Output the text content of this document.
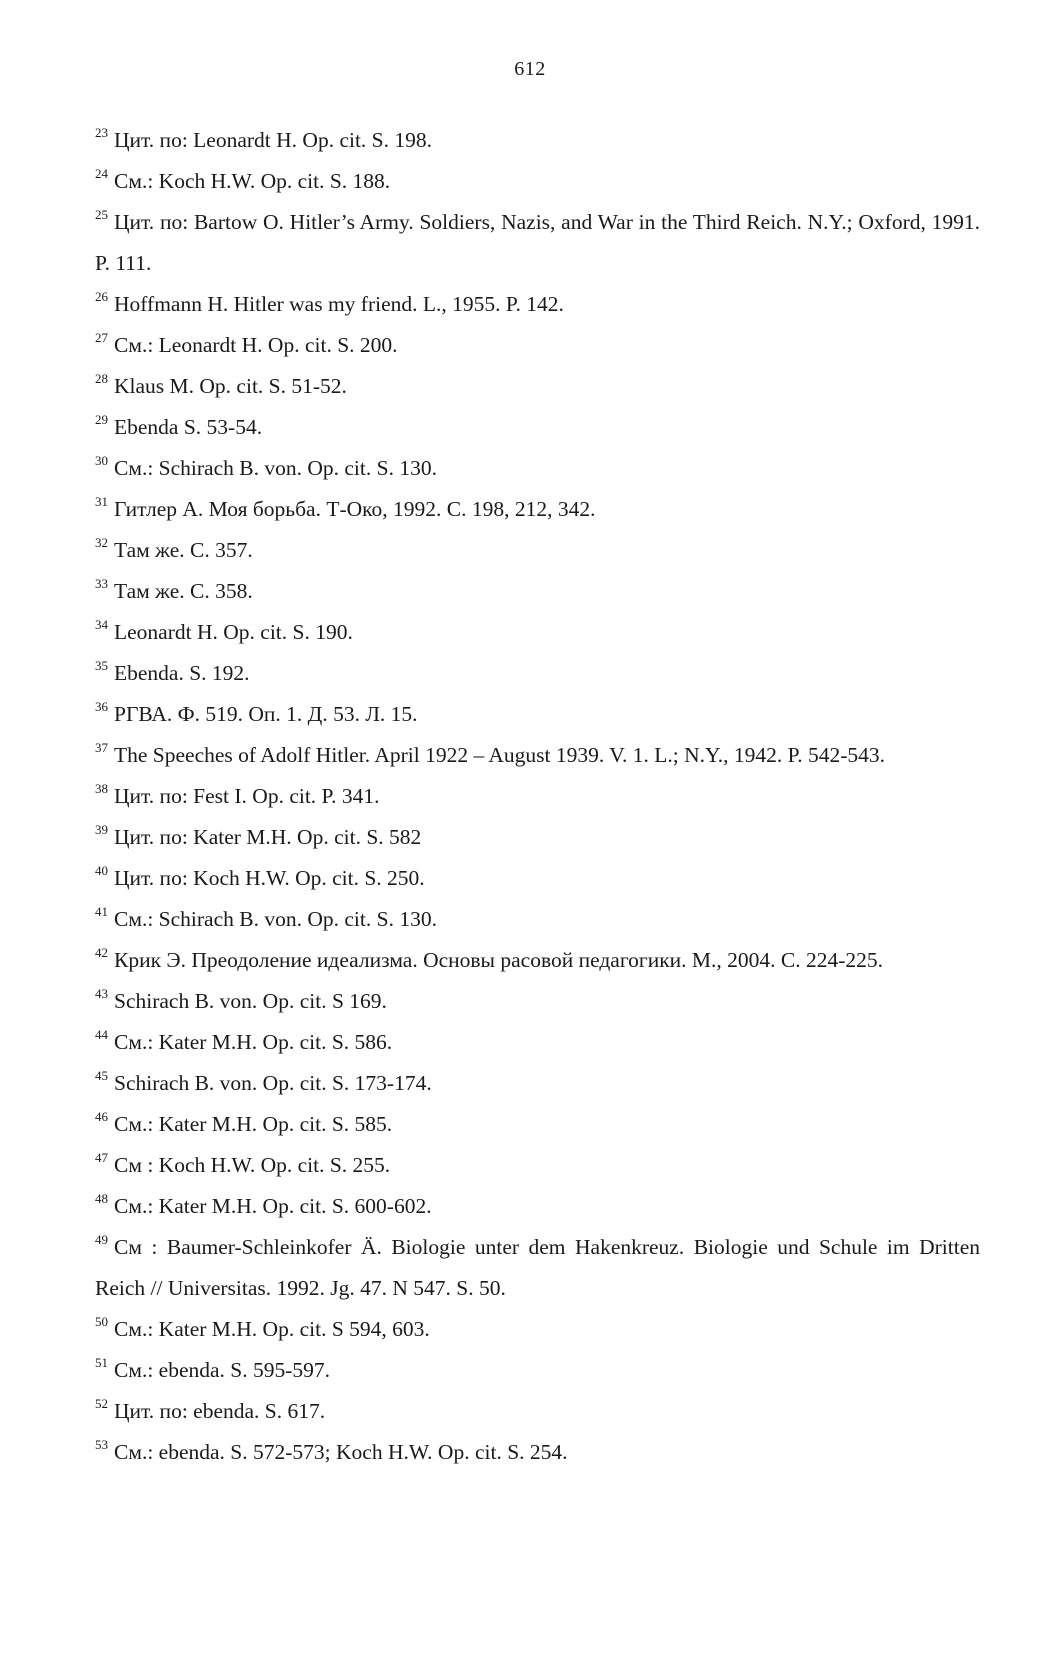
612

$^{23}$ Цит. по: Leonardt H. Op. cit. S. 198.

$^{24}$ См.: Koch H.W. Op. cit. S. 188.

$^{25}$ Цит. по: Bartow O. Hitler’s Army. Soldiers, Nazis, and War in the Third Reich. N.Y.; Oxford, 1991. P. 111.

$^{26}$ Hoffmann H. Hitler was my friend. L., 1955. P. 142.

$^{27}$ См.: Leonardt H. Op. cit. S. 200.

$^{28}$ Klaus M. Op. cit. S. 51-52.

$^{29}$ Ebenda S. 53-54.

$^{30}$ См.: Schirach B. von. Op. cit. S. 130.

$^{31}$ Гитлер А. Моя борьба. Т-Око, 1992. С. 198, 212, 342.

$^{32}$ Там же. С. 357.

$^{33}$ Там же. С. 358.

$^{34}$ Leonardt H. Op. cit. S. 190.

$^{35}$ Ebenda. S. 192.

$^{36}$ РГВА. Ф. 519. Оп. 1. Д. 53. Л. 15.

$^{37}$ The Speeches of Adolf Hitler. April 1922 – August 1939. V. 1. L.; N.Y., 1942. P. 542-543.

$^{38}$ Цит. по: Fest I. Op. cit. P. 341.

$^{39}$ Цит. по: Kater M.H. Op. cit. S. 582

$^{40}$ Цит. по: Koch H.W. Op. cit. S. 250.

$^{41}$ См.: Schirach B. von. Op. cit. S. 130.

$^{42}$ Крик Э. Преодоление идеализма. Основы расовой педагогики. М., 2004. С. 224-225.

$^{43}$ Schirach B. von. Op. cit. S 169.

$^{44}$ См.: Kater M.H. Op. cit. S. 586.

$^{45}$ Schirach B. von. Op. cit. S. 173-174.

$^{46}$ См.: Kater M.H. Op. cit. S. 585.

$^{47}$ См : Koch H.W. Op. cit. S. 255.

$^{48}$ См.: Kater M.H. Op. cit. S. 600-602.

$^{49}$ См : Baumer-Schleinkofer Ä. Biologie unter dem Hakenkreuz. Biologie und Schule im Dritten Reich // Universitas. 1992. Jg. 47. N 547. S. 50.

$^{50}$ См.: Kater M.H. Op. cit. S 594, 603.

$^{51}$ См.: ebenda. S. 595-597.

$^{52}$ Цит. по: ebenda. S. 617.

$^{53}$ См.: ebenda. S. 572-573; Koch H.W. Op. cit. S. 254.
